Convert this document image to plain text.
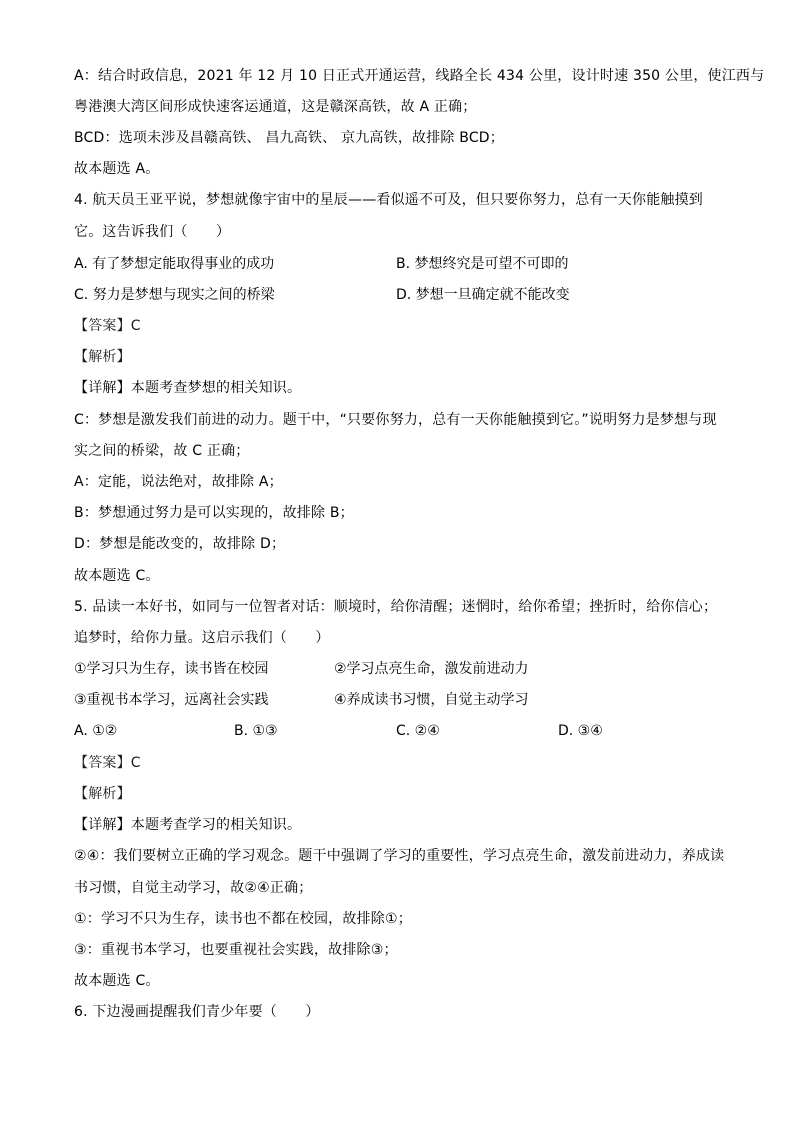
A：结合时政信息，2021 年 12 月 10 日正式开通运营，线路全长 434 公里，设计时速 350 公里，使江西与
粤港澳大湾区间形成快速客运通道，这是赣深高铁，故 A 正确；
BCD：选项未涉及昌赣高铁、 昌九高铁、 京九高铁，故排除 BCD；
故本题选 A。
4. 航天员王亚平说，梦想就像宇宙中的星辰——看似遥不可及，但只要你努力，总有一天你能触摸到
它。这告诉我们（　　）
A. 有了梦想定能取得事业的成功	B. 梦想终究是可望不可即的
C. 努力是梦想与现实之间的桥梁	D. 梦想一旦确定就不能改变
【答案】C
【解析】
【详解】本题考查梦想的相关知识。
C：梦想是激发我们前进的动力。题干中，“只要你努力，总有一天你能触摸到它。”说明努力是梦想与现
实之间的桥梁，故 C 正确；
A：定能，说法绝对，故排除 A；
B：梦想通过努力是可以实现的，故排除 B；
D：梦想是能改变的，故排除 D；
故本题选 C。
5. 品读一本好书，如同与一位智者对话：顺境时，给你清醒；迷惘时，给你希望；挫折时，给你信心；
追梦时，给你力量。这启示我们（　　）
①学习只为生存，读书皆在校园	②学习点亮生命，激发前进动力
③重视书本学习，远离社会实践	④养成读书习惯，自觉主动学习
A. ①②	B. ①③	C. ②④	D. ③④
【答案】C
【解析】
【详解】本题考查学习的相关知识。
②④：我们要树立正确的学习观念。题干中强调了学习的重要性，学习点亮生命，激发前进动力，养成读
书习惯，自觉主动学习，故②④正确；
①：学习不只为生存，读书也不都在校园，故排除①；
③：重视书本学习，也要重视社会实践，故排除③；
故本题选 C。
6. 下边漫画提醒我们青少年要（　　）
